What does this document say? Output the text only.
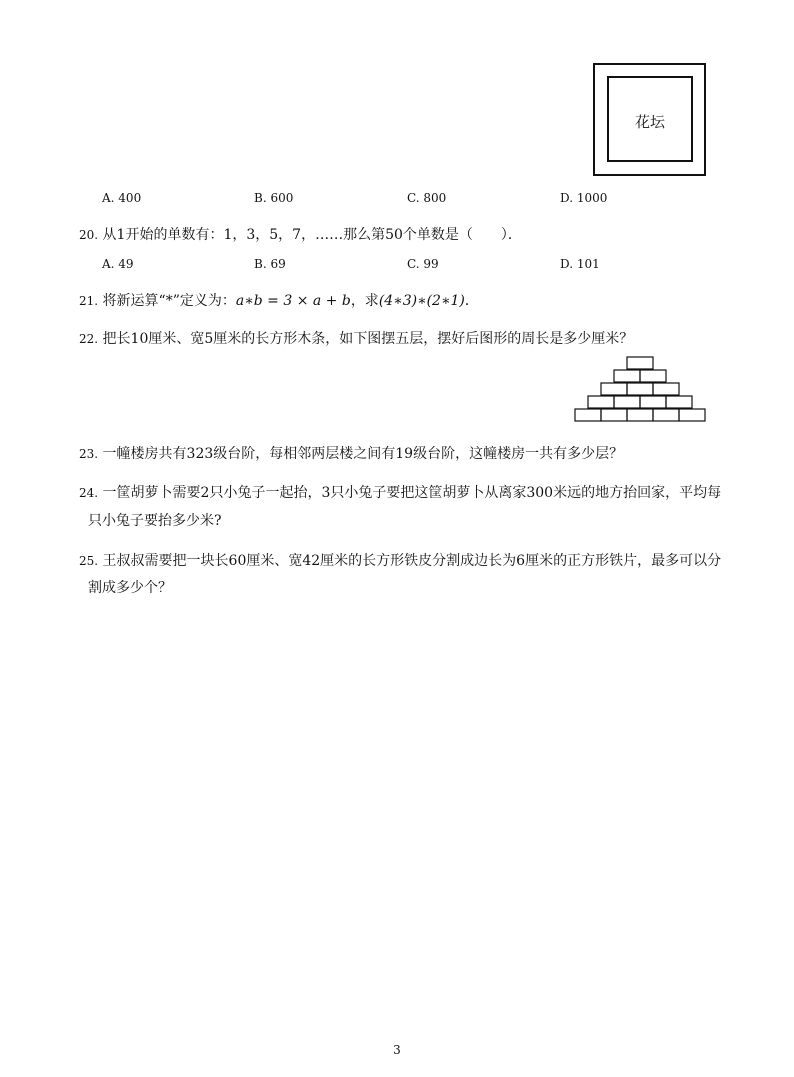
花坛
A. 400	B. 600	C. 800	D. 1000
20. 从1开始的单数有：1，3，5，7，……那么第50个单数是（　　）．
A. 49	B. 69	C. 99	D. 101
21. 将新运算“*”定义为：a∗b = 3 × a + b，求(4∗3)∗(2∗1)．
22. 把长10厘米、宽5厘米的长方形木条，如下图摆五层，摆好后图形的周长是多少厘米？
23. 一幢楼房共有323级台阶，每相邻两层楼之间有19级台阶，这幢楼房一共有多少层？
24. 一筐胡萝卜需要2只小兔子一起抬，3只小兔子要把这筐胡萝卜从离家300米远的地方抬回家，平均每
只小兔子要抬多少米?
25. 王叔叔需要把一块长60厘米、宽42厘米的长方形铁皮分割成边长为6厘米的正方形铁片，最多可以分
割成多少个？
3
